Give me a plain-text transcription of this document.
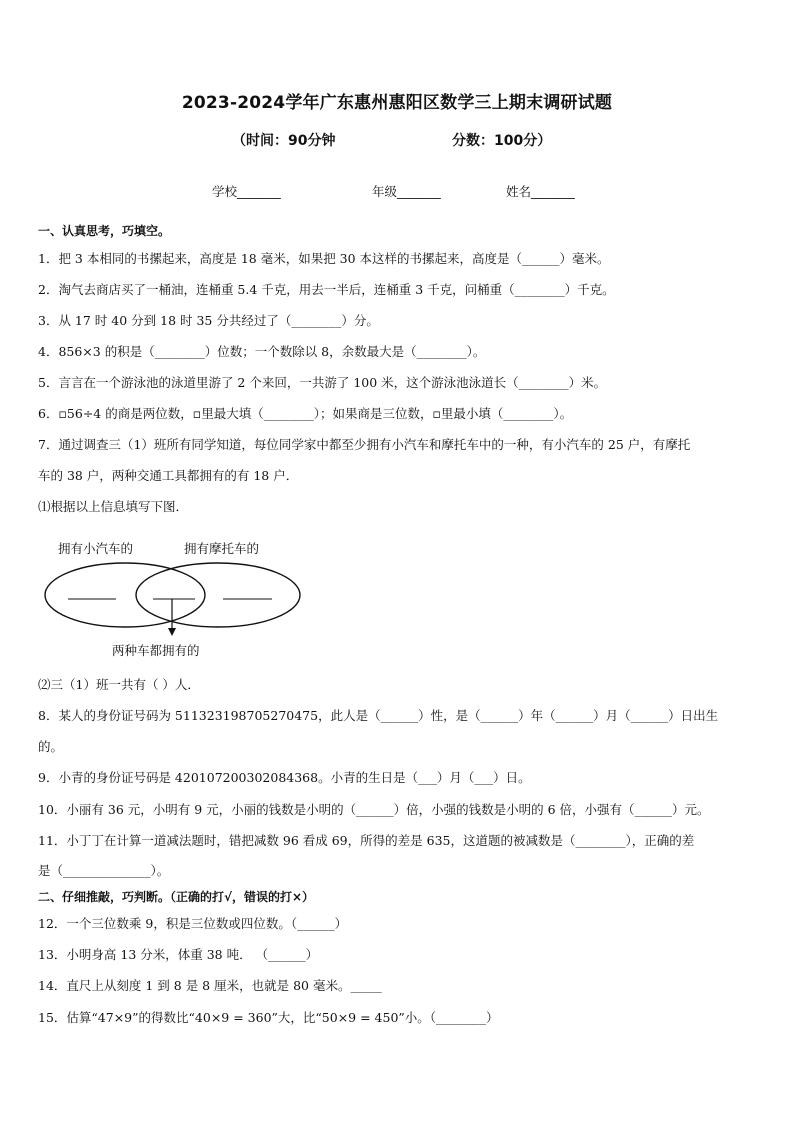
2023-2024学年广东惠州惠阳区数学三上期末调研试题
（时间：90分钟	分数：100分）
学校_______	年级_______	姓名_______
一、认真思考，巧填空。
1．把 3 本相同的书摞起来，高度是 18 毫米，如果把 30 本这样的书摞起来，高度是（______）毫米。
2．淘气去商店买了一桶油，连桶重 5.4 千克，用去一半后，连桶重 3 千克，问桶重（________）千克。
3．从 17 时 40 分到 18 时 35 分共经过了（________）分。
4．856×3 的积是（________）位数；一个数除以 8，余数最大是（________）。
5．言言在一个游泳池的泳道里游了 2 个来回，一共游了 100 米，这个游泳池泳道长（________）米。
6．▫56÷4 的商是两位数，▫里最大填（________）；如果商是三位数，▫里最小填（________）。
7．通过调查三（1）班所有同学知道，每位同学家中都至少拥有小汽车和摩托车中的一种，有小汽车的 25 户，有摩托
车的 38 户，两种交通工具都拥有的有 18 户．
⑴根据以上信息填写下图．
拥有小汽车的	拥有摩托车的
两种车都拥有的
⑵三（1）班一共有（ ）人．
8．某人的身份证号码为 511323198705270475，此人是（______）性，是（______）年（______）月（______）日出生
的。
9．小青的身份证号码是 420107200302084368。小青的生日是（___）月（___）日。
10．小丽有 36 元，小明有 9 元，小丽的钱数是小明的（______）倍，小强的钱数是小明的 6 倍，小强有（______）元。
11．小丁丁在计算一道减法题时，错把减数 96 看成 69，所得的差是 635，这道题的被减数是（________），正确的差
是（______________）。
二、仔细推敲，巧判断。（正确的打√，错误的打×）
12．一个三位数乘 9，积是三位数或四位数。（______）
13．小明身高 13 分米，体重 38 吨． （______）
14．直尺上从刻度 1 到 8 是 8 厘米，也就是 80 毫米。_____
15．估算“47×9”的得数比“40×9 = 360”大，比“50×9 = 450”小。（________）
